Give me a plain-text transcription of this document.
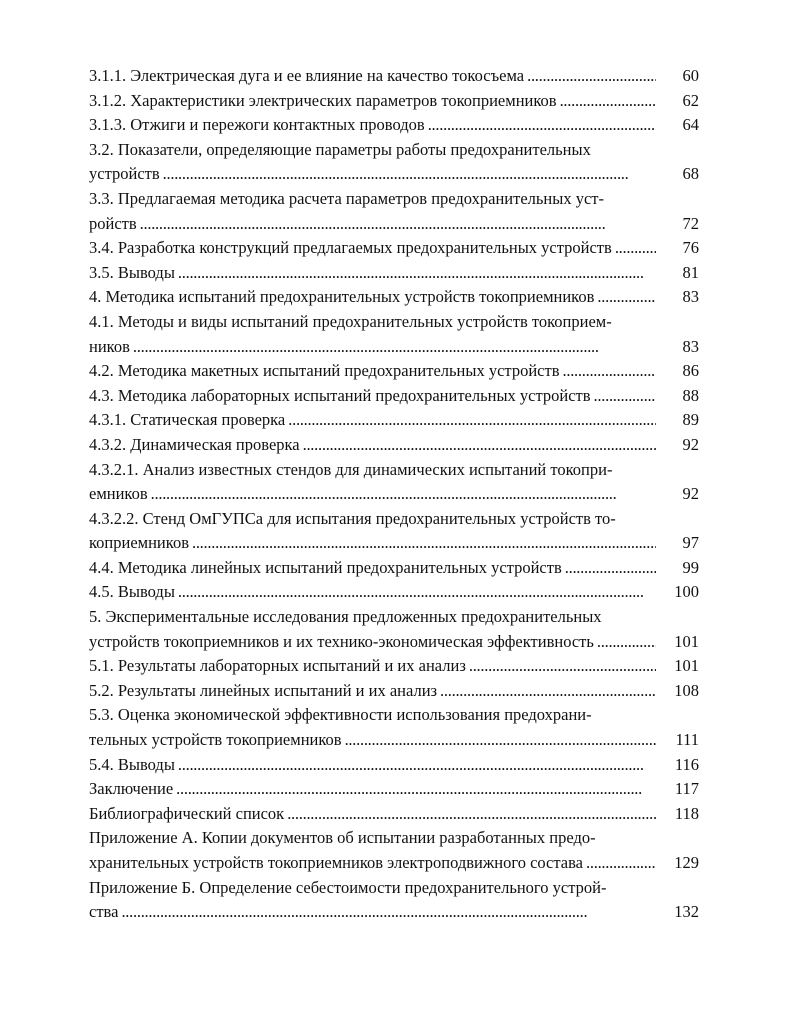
3.1.1. Электрическая дуга и ее влияние на качество токосъема . . .	60
3.1.2. Характеристики электрических параметров токоприемников . . .	62
3.1.3. Отжиги и пережоги контактных проводов . . .	64
3.2. Показатели, определяющие параметры работы предохранительных
устройств . . .	68
3.3. Предлагаемая методика расчета параметров предохранительных уст-
ройств . . .	72
3.4. Разработка конструкций предлагаемых предохранительных устройств . . .	76
3.5. Выводы . . .	81
4. Методика испытаний предохранительных устройств токоприемников . . .	83
4.1. Методы и виды испытаний предохранительных устройств токоприем-
ников . . .	83
4.2. Методика макетных испытаний предохранительных устройств . . .	86
4.3. Методика лабораторных испытаний предохранительных устройств . . .	88
4.3.1. Статическая проверка . . .	89
4.3.2. Динамическая проверка . . .	92
4.3.2.1. Анализ известных стендов для динамических испытаний токопри-
емников . . .	92
4.3.2.2. Стенд ОмГУПСа для испытания предохранительных устройств то-
коприемников . . .	97
4.4. Методика линейных испытаний предохранительных устройств . . .	99
4.5. Выводы . . .	100
5. Экспериментальные исследования предложенных предохранительных
устройств токоприемников и их технико-экономическая эффективность . . .	101
5.1. Результаты лабораторных испытаний и их анализ . . .	101
5.2. Результаты линейных испытаний и их анализ . . .	108
5.3. Оценка экономической эффективности использования предохрани-
тельных устройств токоприемников . . .	111
5.4. Выводы . . .	116
Заключение . . .	117
Библиографический список . . .	118
Приложение А. Копии документов об испытании разработанных предо-
хранительных устройств токоприемников электроподвижного состава . . .	129
Приложение Б. Определение себестоимости предохранительного устрой-
ства . . .	132
